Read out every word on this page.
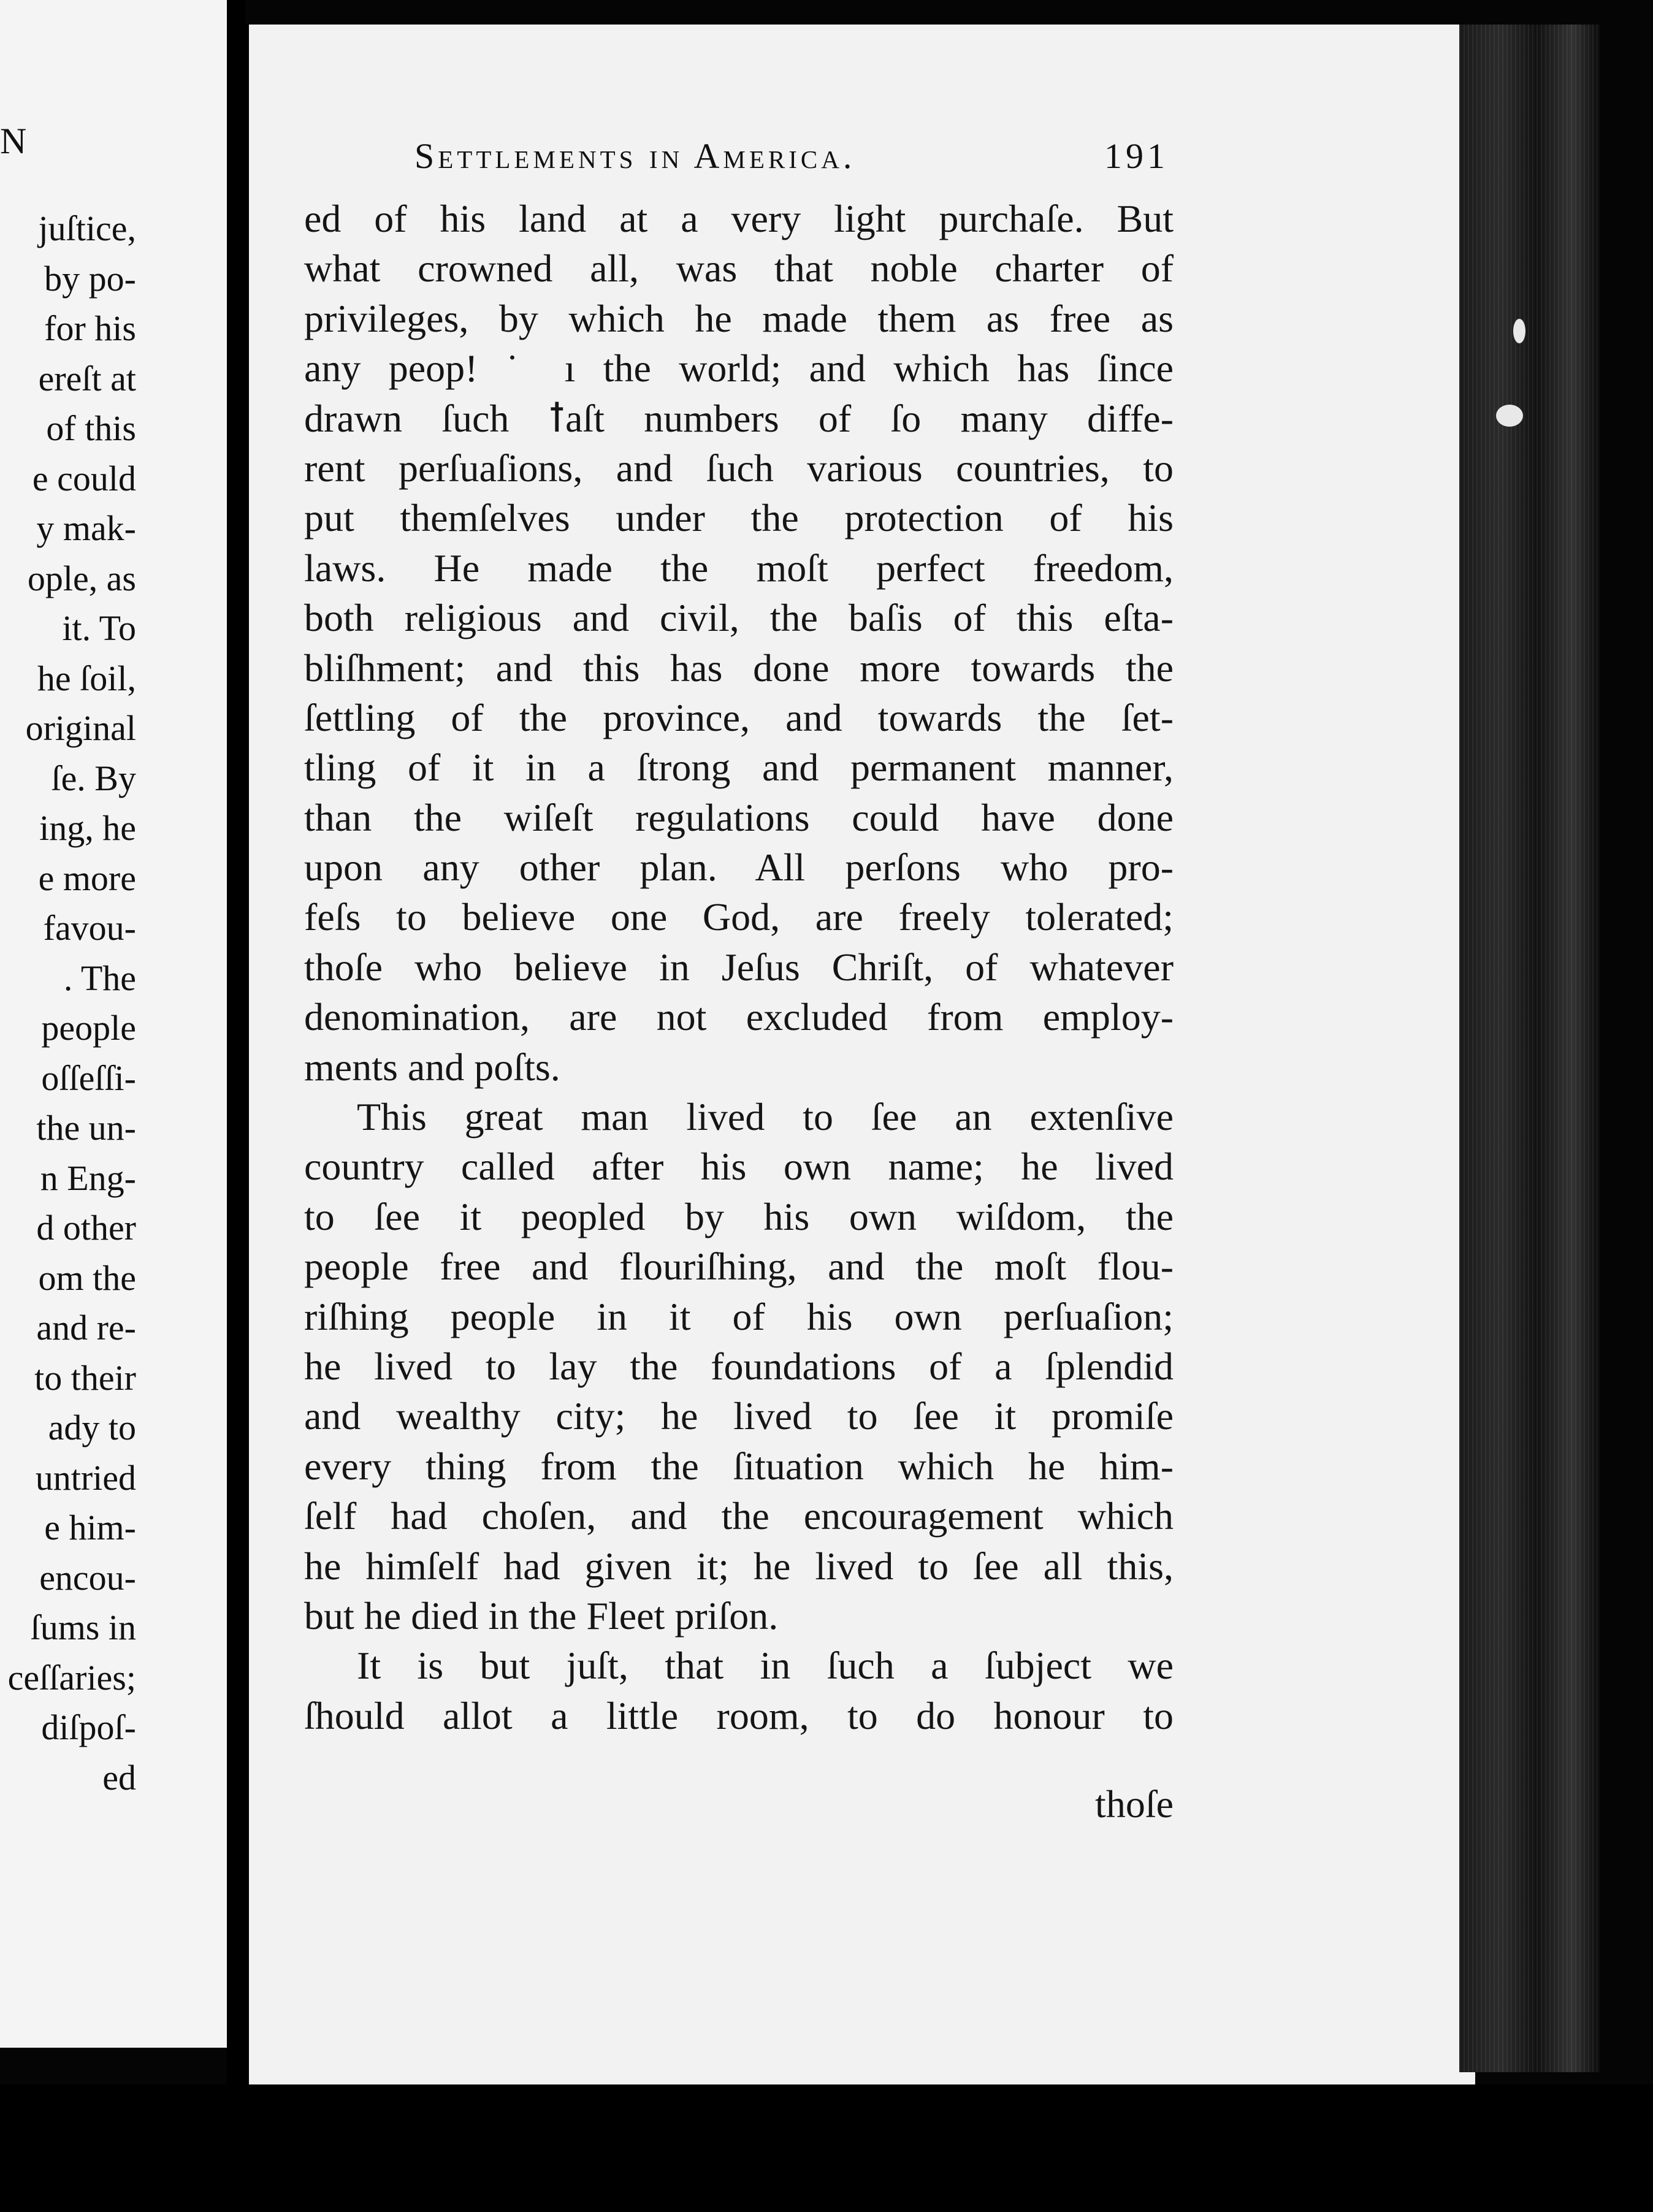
N
juſtice,
by po-
for his
ereſt at
of this
e could
y mak-
ople, as
it. To
he ſoil,
original
ſe. By
ing, he
e more
favou-
. The
people
oſſeſſi-
the un-
n Eng-
d other
om the
and re-
to their
ady to
untried
e him-
encou-
ſums in
ceſſaries;
diſpoſ-
ed
Settlements in America.	191
ed of his land at a very light purchaſe. But
what crowned all, was that noble charter of
privileges, by which he made them as free as
any peop! ˙ ı the world; and which has ſince
drawn ſuch ꝉaſt numbers of ſo many diffe-
rent perſuaſions, and ſuch various countries, to
put themſelves under the protection of his
laws. He made the moſt perfect freedom,
both religious and civil, the baſis of this eſta-
bliſhment; and this has done more towards the
ſettling of the province, and towards the ſet-
tling of it in a ſtrong and permanent manner,
than the wiſeſt regulations could have done
upon any other plan. All perſons who pro-
feſs to believe one God, are freely tolerated;
thoſe who believe in Jeſus Chriſt, of whatever
denomination, are not excluded from employ-
ments and poſts.
This great man lived to ſee an extenſive
country called after his own name; he lived
to ſee it peopled by his own wiſdom, the
people free and flouriſhing, and the moſt flou-
riſhing people in it of his own perſuaſion;
he lived to lay the foundations of a ſplendid
and wealthy city; he lived to ſee it promiſe
every thing from the ſituation which he him-
ſelf had choſen, and the encouragement which
he himſelf had given it; he lived to ſee all this,
but he died in the Fleet priſon.
It is but juſt, that in ſuch a ſubject we
ſhould allot a little room, to do honour to
thoſe
